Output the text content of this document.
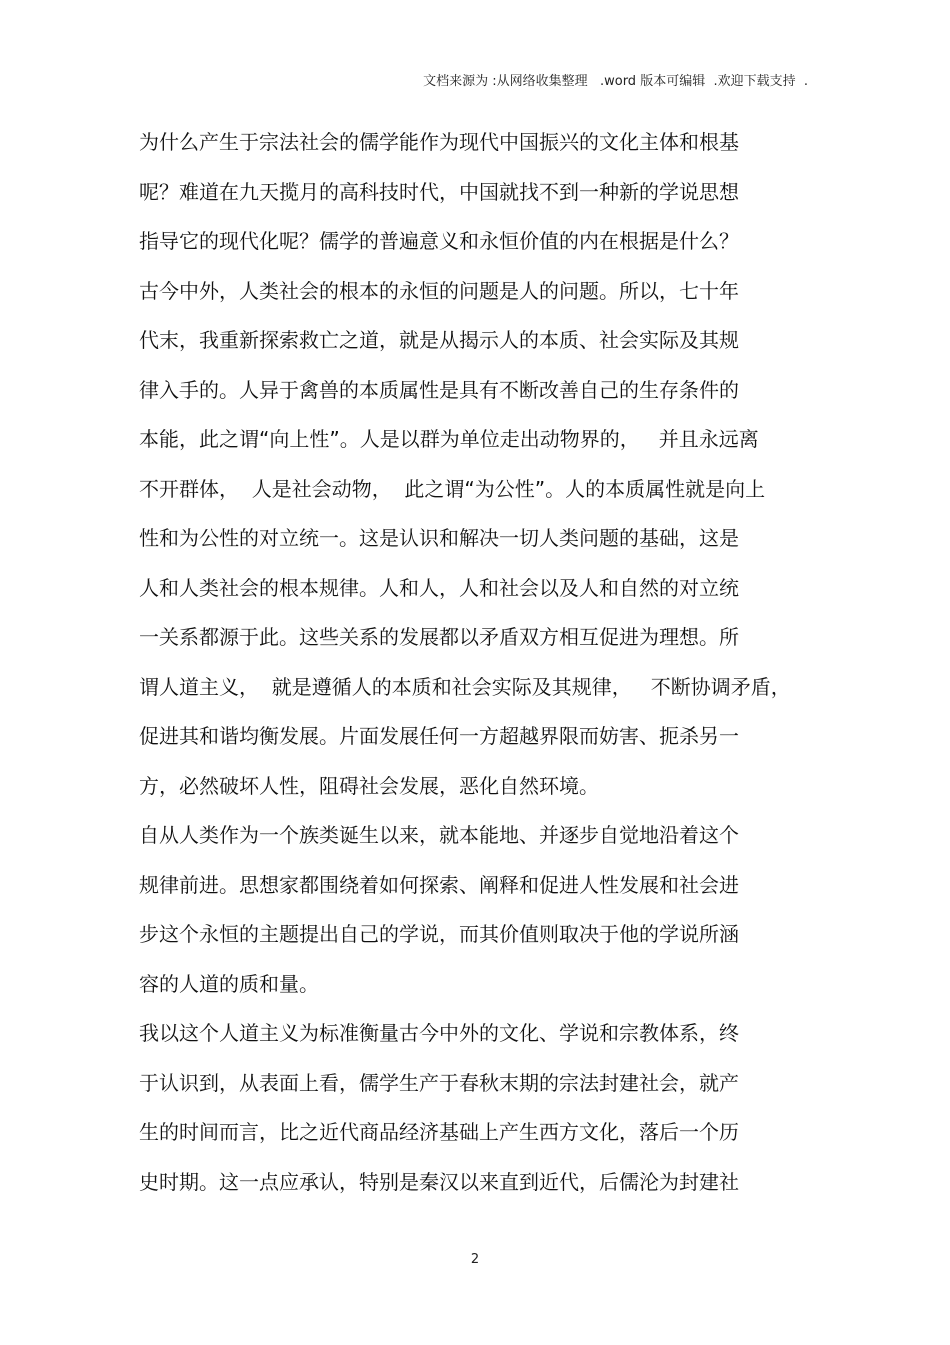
文档来源为 :从网络收集整理   .word 版本可编辑  .欢迎下载支持  .
为什么产生于宗法社会的儒学能作为现代中国振兴的文化主体和根基
呢？难道在九天揽月的高科技时代，中国就找不到一种新的学说思想
指导它的现代化呢？儒学的普遍意义和永恒价值的内在根据是什么？
古今中外，人类社会的根本的永恒的问题是人的问题。所以，七十年
代末，我重新探索救亡之道，就是从揭示人的本质、社会实际及其规
律入手的。人异于禽兽的本质属性是具有不断改善自己的生存条件的
本能，此之谓“向上性”。人是以群为单位走出动物界的，   并且永远离
不开群体，  人是社会动物，  此之谓“为公性”。人的本质属性就是向上
性和为公性的对立统一。这是认识和解决一切人类问题的基础，这是
人和人类社会的根本规律。人和人，人和社会以及人和自然的对立统
一关系都源于此。这些关系的发展都以矛盾双方相互促进为理想。所
谓人道主义，  就是遵循人的本质和社会实际及其规律，   不断协调矛盾，
促进其和谐均衡发展。片面发展任何一方超越界限而妨害、扼杀另一
方，必然破坏人性，阻碍社会发展，恶化自然环境。
自从人类作为一个族类诞生以来，就本能地、并逐步自觉地沿着这个
规律前进。思想家都围绕着如何探索、阐释和促进人性发展和社会进
步这个永恒的主题提出自己的学说，而其价值则取决于他的学说所涵
容的人道的质和量。
我以这个人道主义为标准衡量古今中外的文化、学说和宗教体系，终
于认识到，从表面上看，儒学生产于春秋末期的宗法封建社会，就产
生的时间而言，比之近代商品经济基础上产生西方文化，落后一个历
史时期。这一点应承认，特别是秦汉以来直到近代，后儒沦为封建社
2
